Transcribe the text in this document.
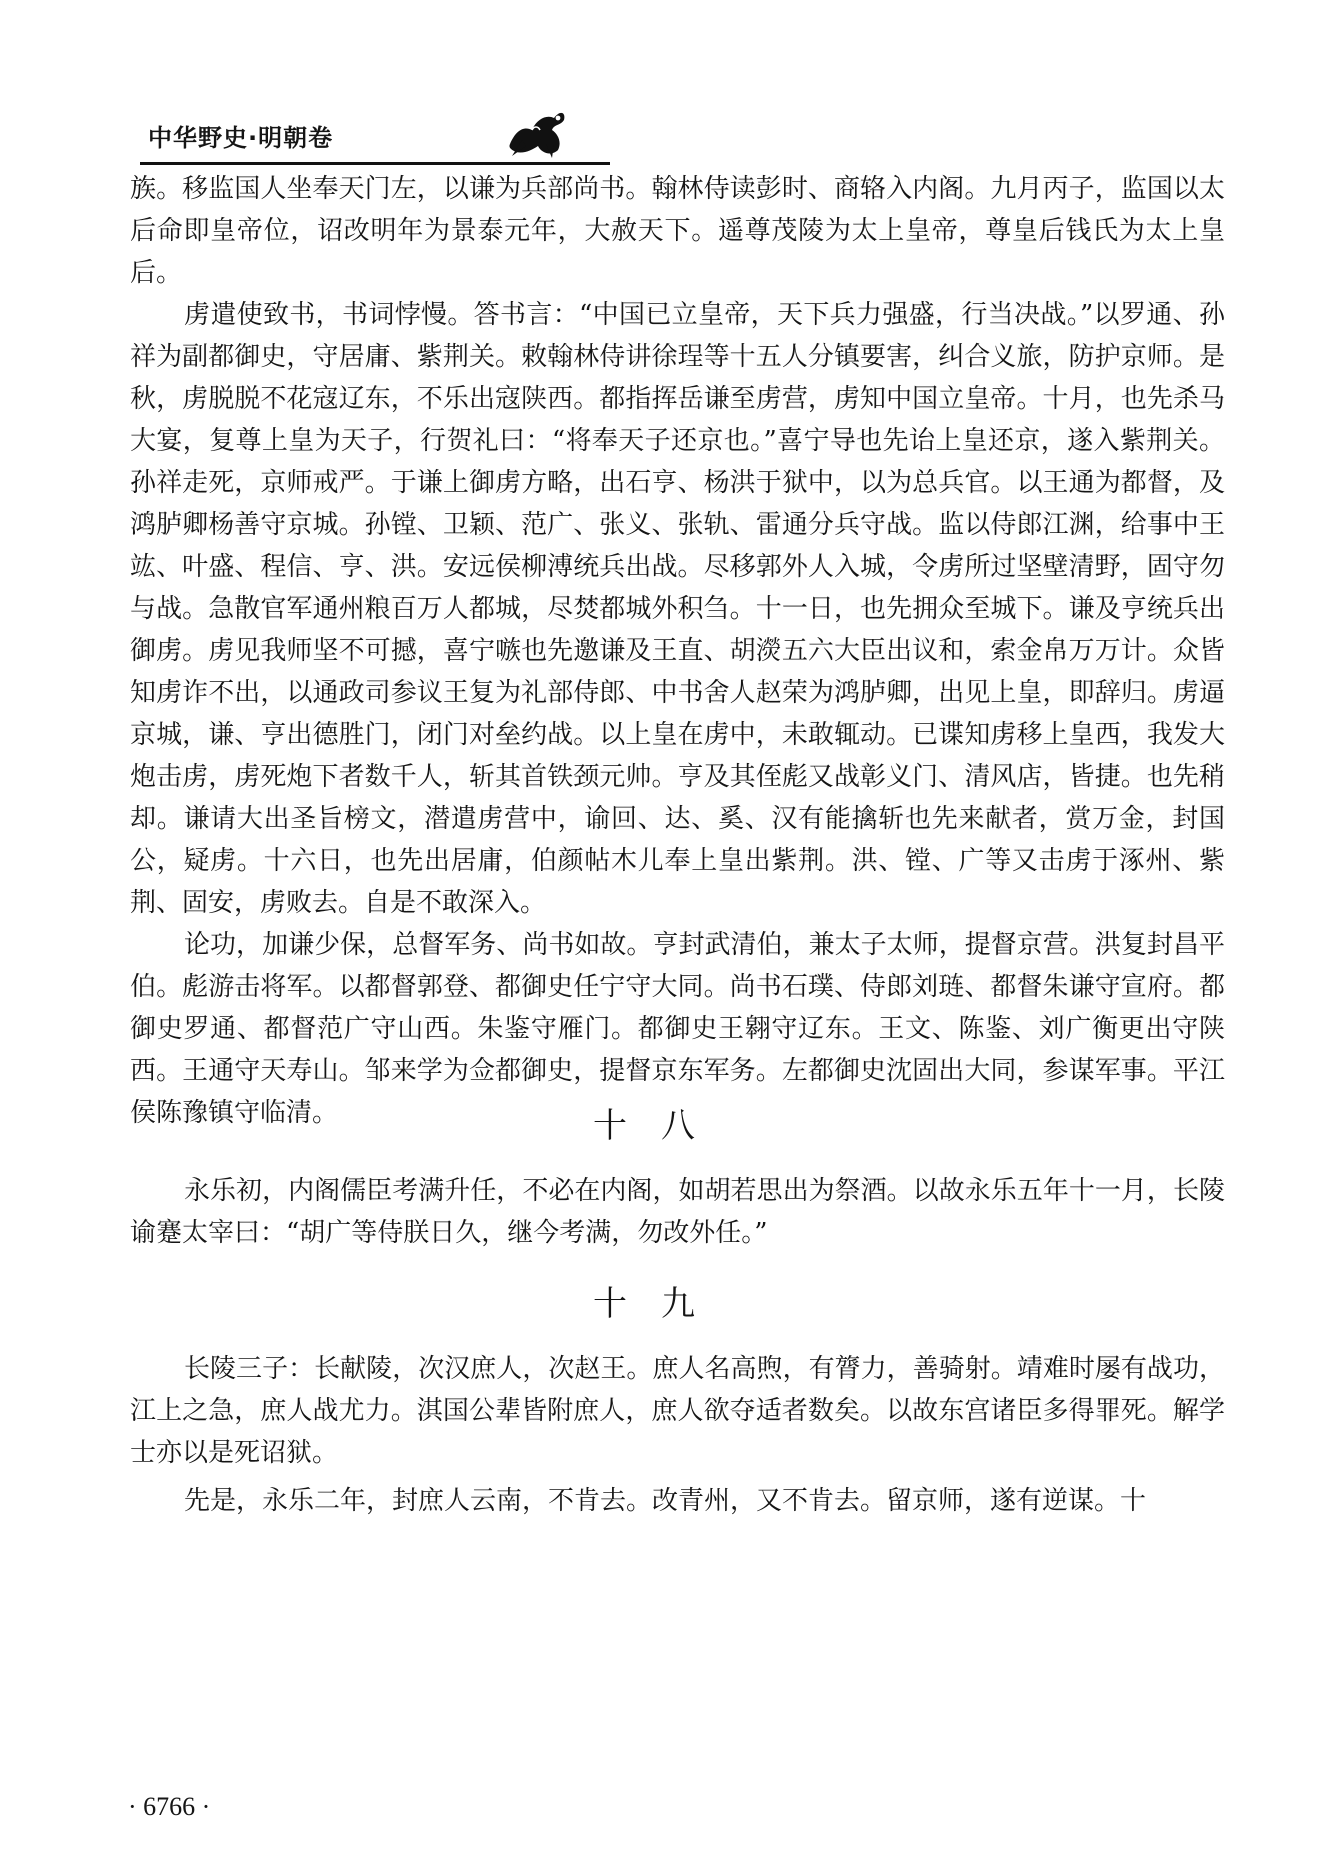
中华野史·明朝卷

族。移监国人坐奉天门左，以谦为兵部尚书。翰林侍读彭时、商辂入内阁。九月丙子，监国以太后命即皇帝位，诏改明年为景泰元年，大赦天下。遥尊茂陵为太上皇帝，尊皇后钱氏为太上皇后。

虏遣使致书，书词悖慢。答书言：“中国已立皇帝，天下兵力强盛，行当决战。”以罗通、孙祥为副都御史，守居庸、紫荆关。敕翰林侍讲徐珵等十五人分镇要害，纠合义旅，防护京师。是秋，虏脱脱不花寇辽东，不乐出寇陕西。都指挥岳谦至虏营，虏知中国立皇帝。十月，也先杀马大宴，复尊上皇为天子，行贺礼曰：“将奉天子还京也。”喜宁导也先诒上皇还京，遂入紫荆关。孙祥走死，京师戒严。于谦上御虏方略，出石亨、杨洪于狱中，以为总兵官。以王通为都督，及鸿胪卿杨善守京城。孙镗、卫颖、范广、张义、张轨、雷通分兵守战。监以侍郎江渊，给事中王竑、叶盛、程信、亨、洪。安远侯柳溥统兵出战。尽移郭外人入城，令虏所过坚壁清野，固守勿与战。急散官军通州粮百万人都城，尽焚都城外积刍。十一日，也先拥众至城下。谦及亨统兵出御虏。虏见我师坚不可撼，喜宁嗾也先邀谦及王直、胡濙五六大臣出议和，索金帛万万计。众皆知虏诈不出，以通政司参议王复为礼部侍郎、中书舍人赵荣为鸿胪卿，出见上皇，即辞归。虏逼京城，谦、亨出德胜门，闭门对垒约战。以上皇在虏中，未敢辄动。已谍知虏移上皇西，我发大炮击虏，虏死炮下者数千人，斩其首铁颈元帅。亨及其侄彪又战彰义门、清风店，皆捷。也先稍却。谦请大出圣旨榜文，潜遣虏营中，谕回、达、奚、汉有能擒斩也先来献者，赏万金，封国公，疑虏。十六日，也先出居庸，伯颜帖木儿奉上皇出紫荆。洪、镗、广等又击虏于涿州、紫荆、固安，虏败去。自是不敢深入。

论功，加谦少保，总督军务、尚书如故。亨封武清伯，兼太子太师，提督京营。洪复封昌平伯。彪游击将军。以都督郭登、都御史任宁守大同。尚书石璞、侍郎刘琏、都督朱谦守宣府。都御史罗通、都督范广守山西。朱鉴守雁门。都御史王翱守辽东。王文、陈鉴、刘广衡更出守陕西。王通守天寿山。邹来学为佥都御史，提督京东军务。左都御史沈固出大同，参谋军事。平江侯陈豫镇守临清。	十八

永乐初，内阁儒臣考满升任，不必在内阁，如胡若思出为祭酒。以故永乐五年十一月，长陵谕蹇太宰曰：“胡广等侍朕日久，继今考满，勿改外任。”

十九

长陵三子：长献陵，次汉庶人，次赵王。庶人名高煦，有膂力，善骑射。靖难时屡有战功，江上之急，庶人战尤力。淇国公辈皆附庶人，庶人欲夺适者数矣。以故东宫诸臣多得罪死。解学士亦以是死诏狱。

先是，永乐二年，封庶人云南，不肯去。改青州，又不肯去。留京师，遂有逆谋。十

· 6766 ·
